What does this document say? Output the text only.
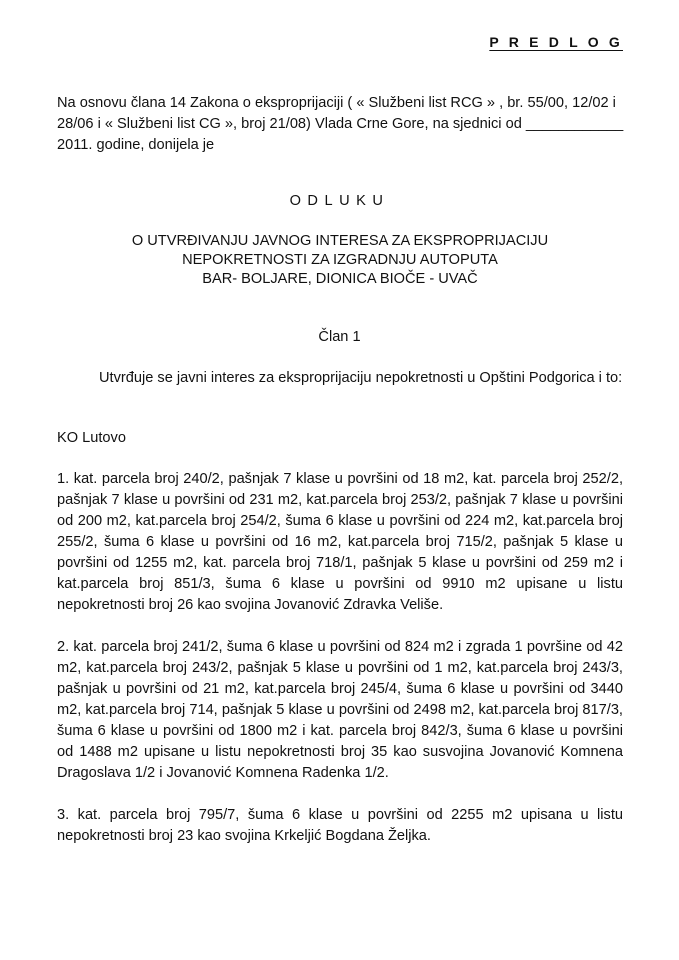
P R E D L O G
Na osnovu člana 14 Zakona o eksproprijaciji ( « Službeni list RCG » , br. 55/00, 12/02 i 28/06 i « Službeni list CG », broj 21/08) Vlada Crne Gore, na sjednici od ____________ 2011. godine, donijela je
ODLUKU
O UTVRĐIVANJU JAVNOG INTERESA ZA EKSPROPRIJACIJU
NEPOKRETNOSTI ZA IZGRADNJU AUTOPUTA
BAR- BOLJARE, DIONICA BIOČE - UVAČ
Član 1
Utvrđuje se javni interes za eksproprijaciju nepokretnosti u Opštini Podgorica i to:
KO Lutovo
1. kat. parcela broj 240/2, pašnjak 7 klase u površini od 18 m2, kat. parcela broj 252/2, pašnjak 7 klase u površini od 231 m2, kat.parcela broj 253/2, pašnjak 7 klase u površini od 200 m2, kat.parcela broj 254/2, šuma 6 klase u površini od 224 m2, kat.parcela broj 255/2, šuma 6 klase u površini od 16 m2, kat.parcela broj 715/2, pašnjak 5 klase u površini od 1255 m2, kat. parcela broj 718/1, pašnjak 5 klase u površini od 259 m2 i kat.parcela broj 851/3, šuma 6 klase u površini od 9910 m2 upisane u listu nepokretnosti broj 26 kao svojina Jovanović Zdravka Veliše.
2. kat. parcela broj 241/2, šuma 6 klase u površini od 824 m2 i zgrada 1 površine od 42 m2, kat.parcela broj 243/2, pašnjak 5 klase u površini od 1 m2, kat.parcela broj 243/3, pašnjak u površini od 21 m2, kat.parcela broj 245/4, šuma 6 klase u površini od 3440 m2, kat.parcela broj 714, pašnjak 5 klase u površini od 2498 m2, kat.parcela broj 817/3, šuma 6 klase u površini od 1800 m2 i kat. parcela broj 842/3, šuma 6 klase u površini od 1488 m2 upisane u listu nepokretnosti broj 35 kao susvojina Jovanović Komnena Dragoslava 1/2 i Jovanović Komnena Radenka 1/2.
3. kat. parcela broj 795/7, šuma 6 klase u površini od 2255 m2 upisana u listu nepokretnosti broj 23 kao svojina Krkeljić Bogdana Željka.
